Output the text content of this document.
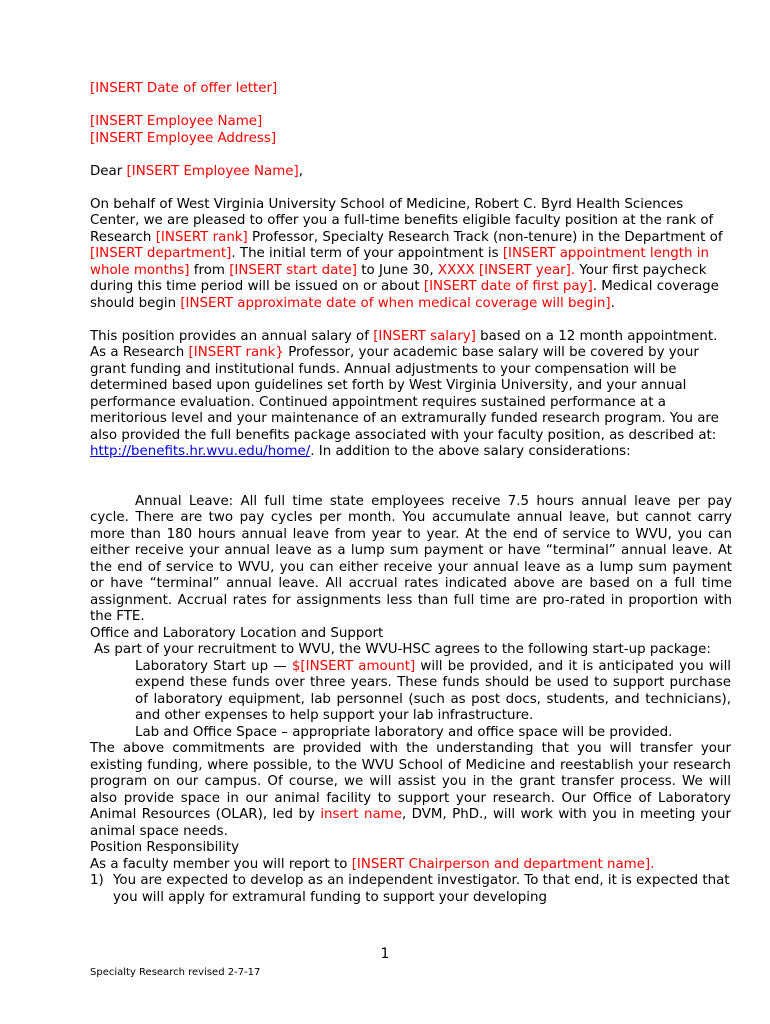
[INSERT Date of offer letter]

[INSERT Employee Name]

[INSERT Employee Address]

Dear [INSERT Employee Name],

On behalf of West Virginia University School of Medicine, Robert C. Byrd Health Sciences Center, we are pleased to offer you a full-time benefits eligible faculty position at the rank of Research [INSERT rank] Professor, Specialty Research Track (non-tenure) in the Department of [INSERT department]. The initial term of your appointment is [INSERT appointment length in whole months] from [INSERT start date] to June 30, XXXX [INSERT year]. Your first paycheck during this time period will be issued on or about [INSERT date of first pay]. Medical coverage should begin [INSERT approximate date of when medical coverage will begin].

This position provides an annual salary of [INSERT salary] based on a 12 month appointment. As a Research [INSERT rank} Professor, your academic base salary will be covered by your grant funding and institutional funds. Annual adjustments to your compensation will be determined based upon guidelines set forth by West Virginia University, and your annual performance evaluation. Continued appointment requires sustained performance at a meritorious level and your maintenance of an extramurally funded research program. You are also provided the full benefits package associated with your faculty position, as described at: http://benefits.hr.wvu.edu/home/. In addition to the above salary considerations:

Annual Leave: All full time state employees receive 7.5 hours annual leave per pay cycle. There are two pay cycles per month. You accumulate annual leave, but cannot carry more than 180 hours annual leave from year to year. At the end of service to WVU, you can either receive your annual leave as a lump sum payment or have “terminal” annual leave. At the end of service to WVU, you can either receive your annual leave as a lump sum payment or have “terminal” annual leave. All accrual rates indicated above are based on a full time assignment. Accrual rates for assignments less than full time are pro-rated in proportion with the FTE.

Office and Laboratory Location and Support

As part of your recruitment to WVU, the WVU-HSC agrees to the following start-up package:

Laboratory Start up — $[INSERT amount] will be provided, and it is anticipated you will expend these funds over three years. These funds should be used to support purchase of laboratory equipment, lab personnel (such as post docs, students, and technicians), and other expenses to help support your lab infrastructure.

Lab and Office Space – appropriate laboratory and office space will be provided.

The above commitments are provided with the understanding that you will transfer your existing funding, where possible, to the WVU School of Medicine and reestablish your research program on our campus. Of course, we will assist you in the grant transfer process. We will also provide space in our animal facility to support your research. Our Office of Laboratory Animal Resources (OLAR), led by insert name, DVM, PhD., will work with you in meeting your animal space needs.

Position Responsibility

As a faculty member you will report to [INSERT Chairperson and department name].

1) You are expected to develop as an independent investigator. To that end, it is expected that you will apply for extramural funding to support your developing
1
Specialty Research revised 2-7-17
